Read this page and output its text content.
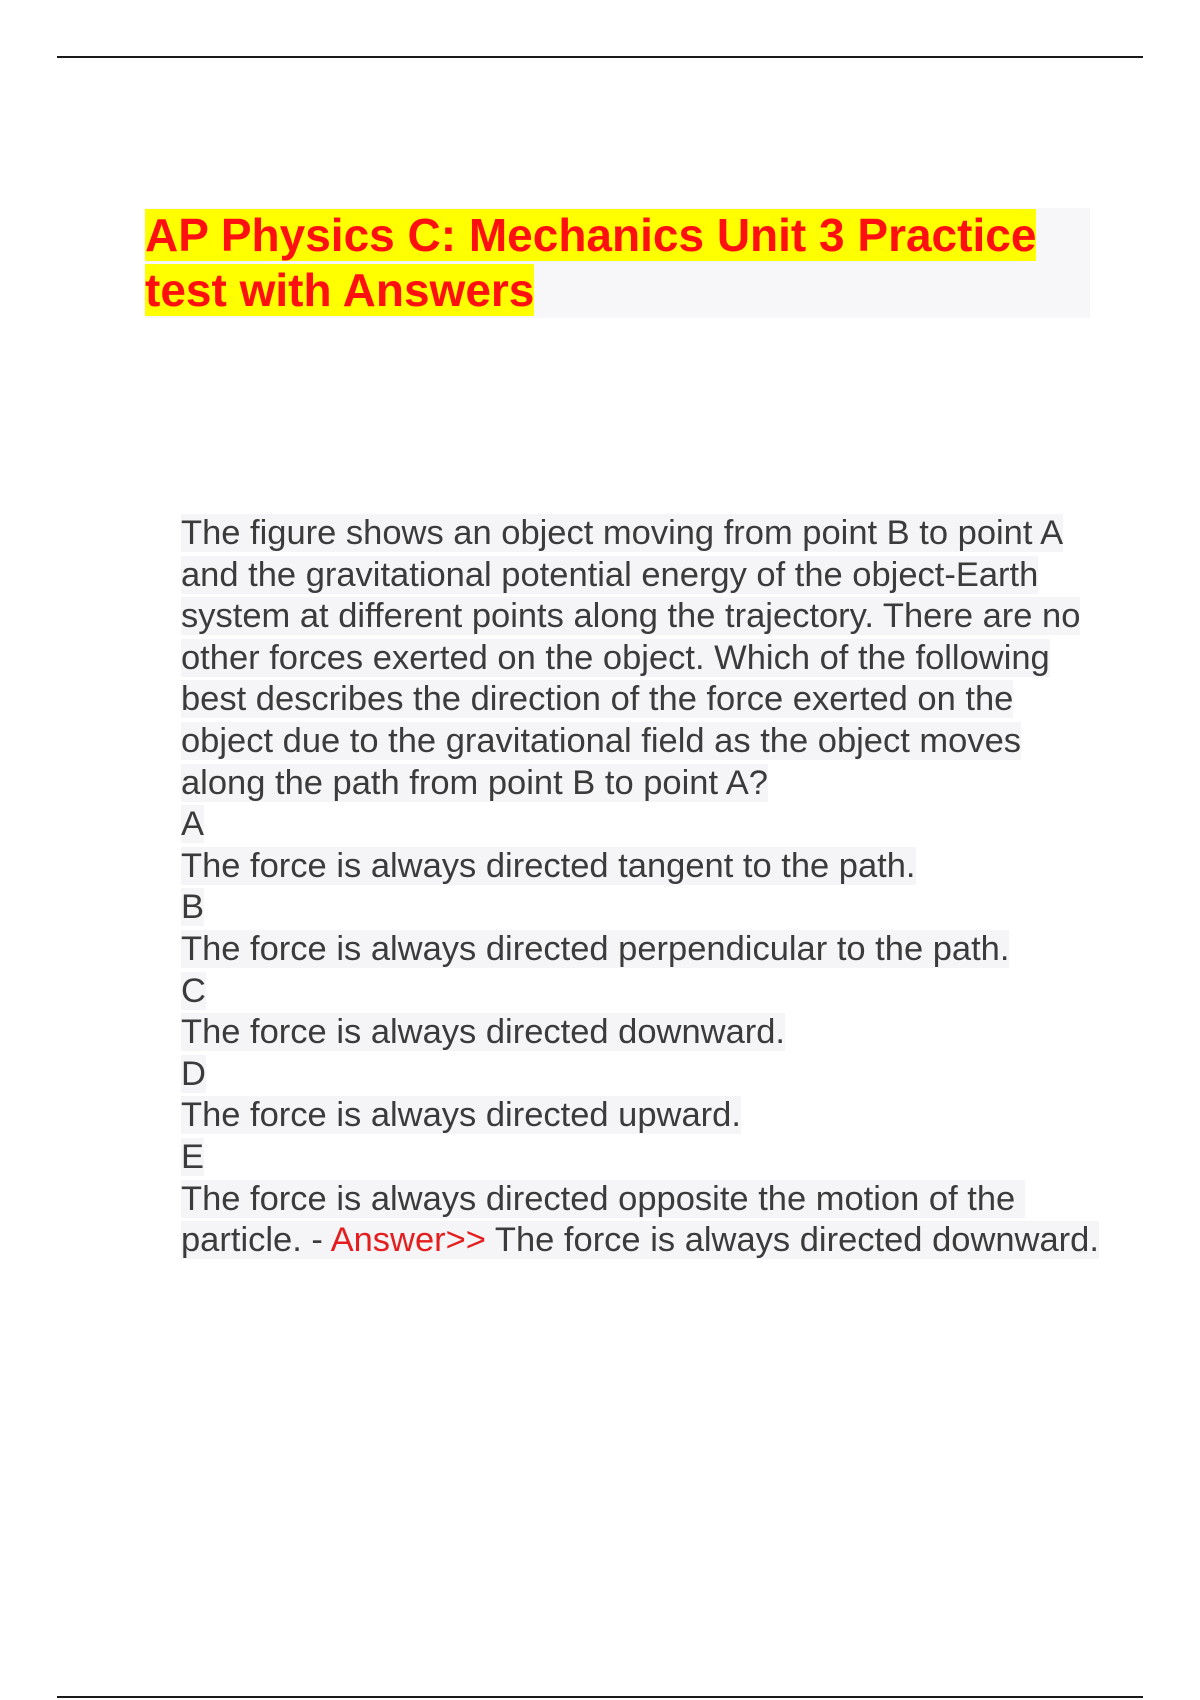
AP Physics C: Mechanics Unit 3 Practice test with Answers
The figure shows an object moving from point B to point A and the gravitational potential energy of the object-Earth system at different points along the trajectory. There are no other forces exerted on the object. Which of the following best describes the direction of the force exerted on the object due to the gravitational field as the object moves along the path from point B to point A?
A
The force is always directed tangent to the path.
B
The force is always directed perpendicular to the path.
C
The force is always directed downward.
D
The force is always directed upward.
E
The force is always directed opposite the motion of the particle. - Answer>> The force is always directed downward.
